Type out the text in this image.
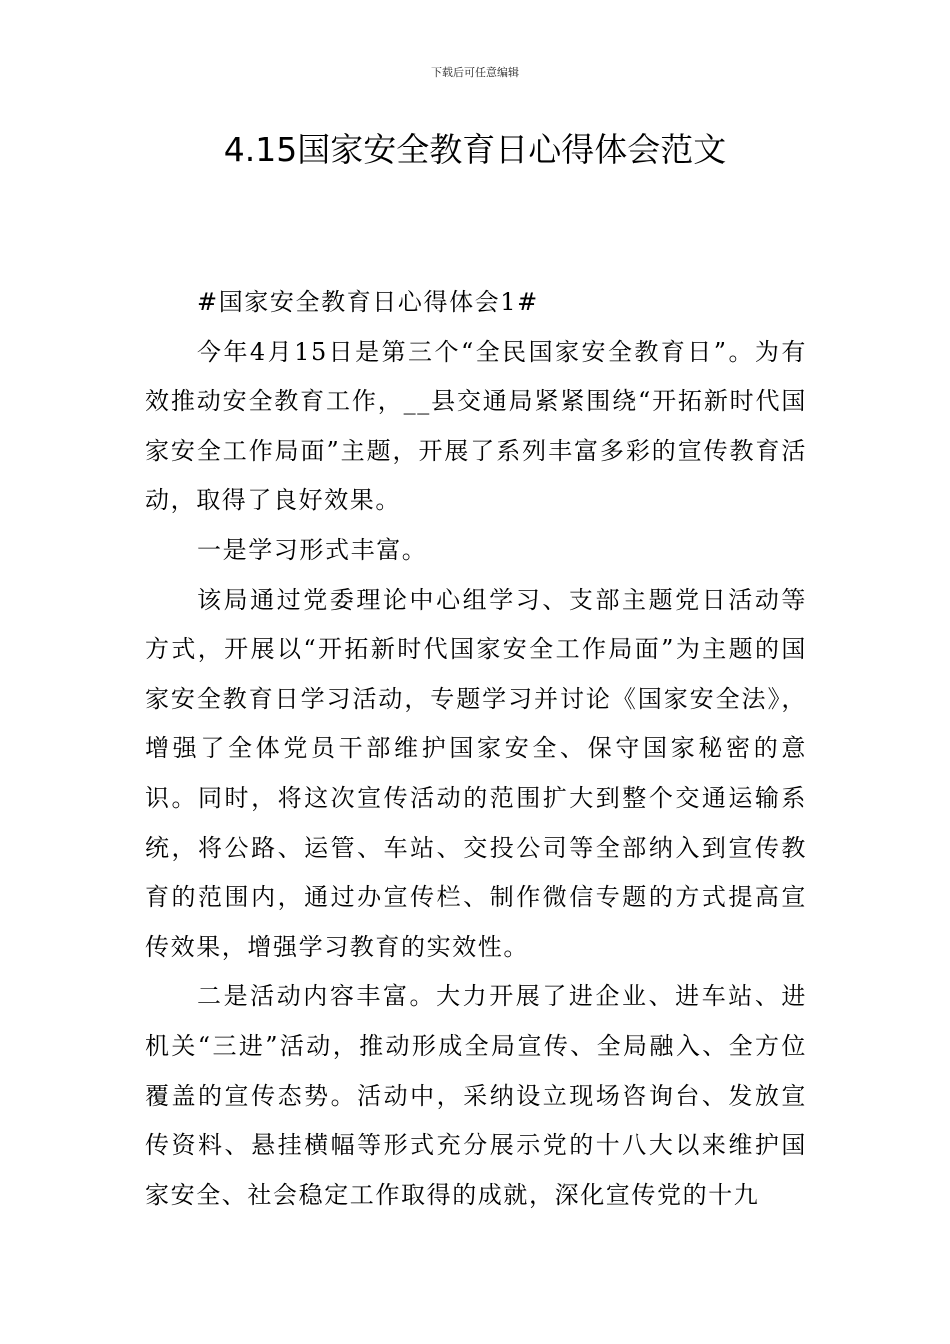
下载后可任意编辑
4.15国家安全教育日心得体会范文

#国家安全教育日心得体会1#

今年4月15日是第三个“全民国家安全教育日”。为有效推动安全教育工作，__县交通局紧紧围绕“开拓新时代国家安全工作局面”主题，开展了系列丰富多彩的宣传教育活动，取得了良好效果。

一是学习形式丰富。

该局通过党委理论中心组学习、支部主题党日活动等方式，开展以“开拓新时代国家安全工作局面”为主题的国家安全教育日学习活动，专题学习并讨论《国家安全法》，增强了全体党员干部维护国家安全、保守国家秘密的意识。同时，将这次宣传活动的范围扩大到整个交通运输系统，将公路、运管、车站、交投公司等全部纳入到宣传教育的范围内，通过办宣传栏、制作微信专题的方式提高宣传效果，增强学习教育的实效性。

二是活动内容丰富。大力开展了进企业、进车站、进机关“三进”活动，推动形成全局宣传、全局融入、全方位覆盖的宣传态势。活动中，采纳设立现场咨询台、发放宣传资料、悬挂横幅等形式充分展示党的十八大以来维护国家安全、社会稳定工作取得的成就，深化宣传党的十九
